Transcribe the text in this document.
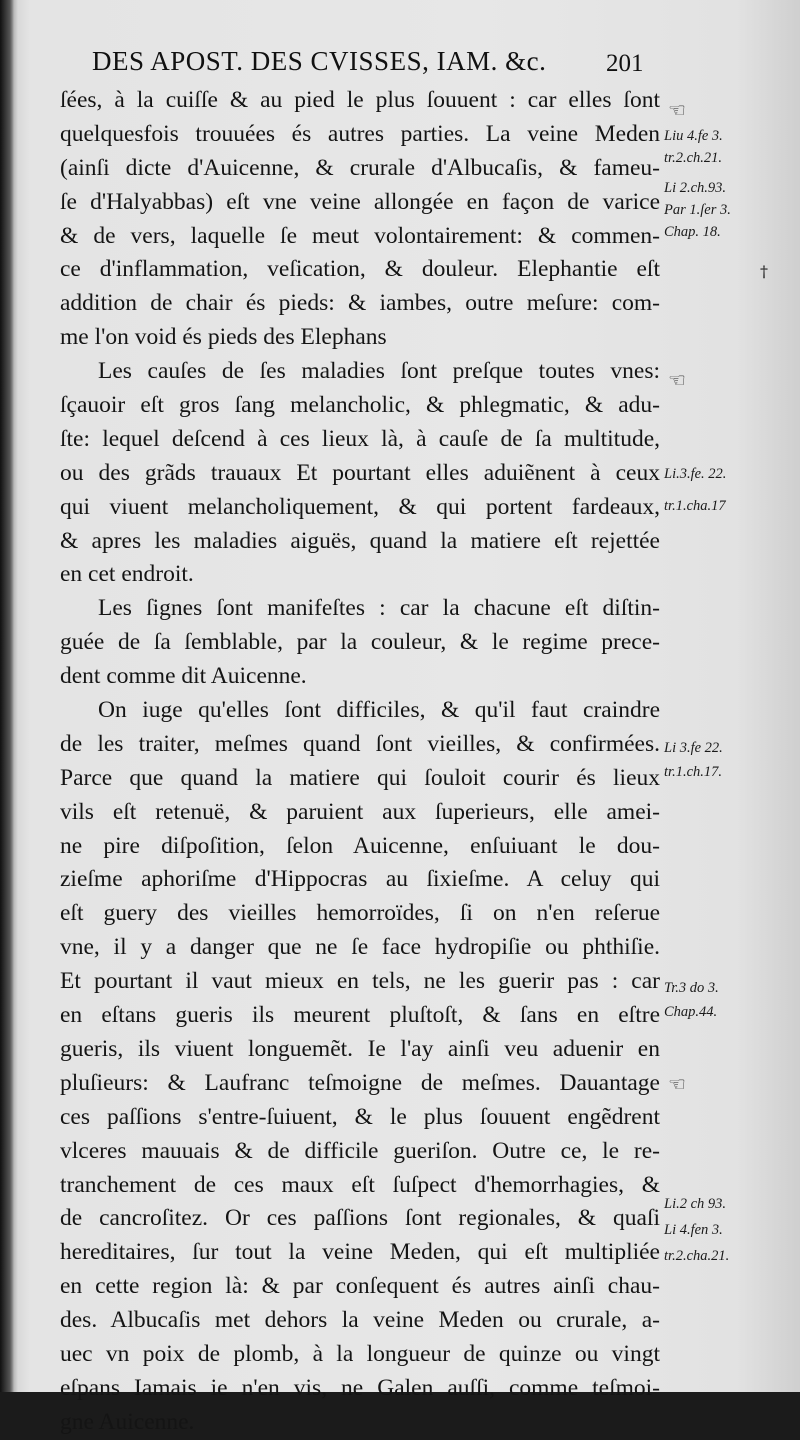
DES APOST. DES CVISSES, IAM. &c.	201
ſées, à la cuiſſe & au pied le plus ſouuent : car elles ſont
quelquesfois trouuées és autres parties. La veine Meden
(ainſi dicte d'Auicenne, & crurale d'Albucaſis, & fameu-
ſe d'Halyabbas) eſt vne veine allongée en façon de varice
& de vers, laquelle ſe meut volontairement: & commen-
ce d'inflammation, veſication, & douleur. Elephantie eſt
addition de chair és pieds: & iambes, outre meſure: com-
me l'on void és pieds des Elephans
Les cauſes de ſes maladies ſont preſque toutes vnes:
ſçauoir eſt gros ſang melancholic, & phlegmatic, & adu-
ſte: lequel deſcend à ces lieux là, à cauſe de ſa multitude,
ou des grãds trauaux Et pourtant elles aduiẽnent à ceux
qui viuent melancholiquement, & qui portent fardeaux,
& apres les maladies aiguës, quand la matiere eſt rejettée
en cet endroit.
Les ſignes ſont manifeſtes : car la chacune eſt diſtin-
guée de ſa ſemblable, par la couleur, & le regime prece-
dent comme dit Auicenne.
On iuge qu'elles ſont difficiles, & qu'il faut craindre
de les traiter, meſmes quand ſont vieilles, & confirmées.
Parce que quand la matiere qui ſouloit courir és lieux
vils eſt retenuë, & paruient aux ſuperieurs, elle amei-
ne pire diſpoſition, ſelon Auicenne, enſuiuant le dou-
zieſme aphoriſme d'Hippocras au ſixieſme. A celuy qui
eſt guery des vieilles hemorroïdes, ſi on n'en reſerue
vne, il y a danger que ne ſe face hydropiſie ou phthiſie.
Et pourtant il vaut mieux en tels, ne les guerir pas : car
en eſtans gueris ils meurent pluſtoſt, & ſans en eſtre
gueris, ils viuent longuemẽt. Ie l'ay ainſi veu aduenir en
pluſieurs: & Laufranc teſmoigne de meſmes. Dauantage
ces paſſions s'entre-ſuiuent, & le plus ſouuent engẽdrent
vlceres mauuais & de difficile gueriſon. Outre ce, le re-
tranchement de ces maux eſt ſuſpect d'hemorrhagies, &
de cancroſitez. Or ces paſſions ſont regionales, & quaſi
hereditaires, ſur tout la veine Meden, qui eſt multipliée
en cette region là: & par conſequent és autres ainſi chau-
des. Albucaſis met dehors la veine Meden ou crurale, a-
uec vn poix de plomb, à la longueur de quinze ou vingt
eſpans Iamais ie n'en vis, ne Galen auſſi, comme teſmoi-
gne Auicenne.
☜
☜
☜
†
Liu 4.fe 3.
tr.2.ch.21.
Li 2.ch.93.
Par 1.ſer 3.
Chap. 18.
Li.3.fe. 22.
tr.1.cha.17
Li 3.fe 22.
tr.1.ch.17.
Tr.3 do 3.
Chap.44.
Li.2 ch 93.
Li 4.fen 3.
tr.2.cha.21.
